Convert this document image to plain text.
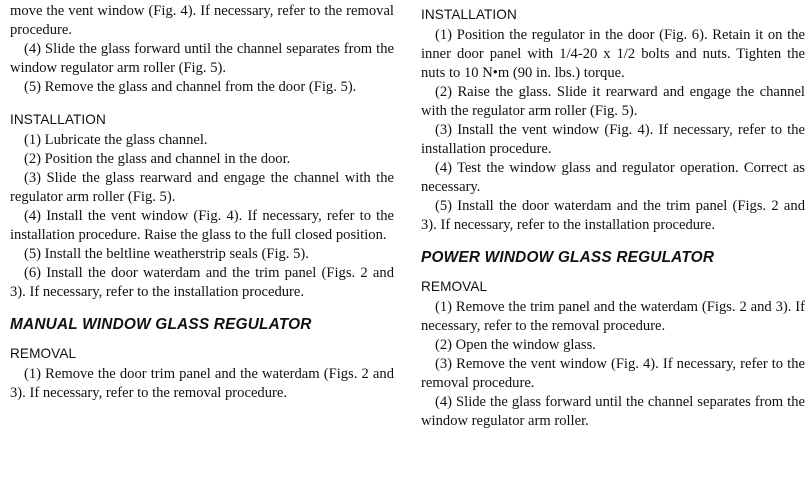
move the vent window (Fig. 4). If necessary, refer to the removal procedure.

(4) Slide the glass forward until the channel separates from the window regulator arm roller (Fig. 5).

(5) Remove the glass and channel from the door (Fig. 5).

INSTALLATION

(1) Lubricate the glass channel.

(2) Position the glass and channel in the door.

(3) Slide the glass rearward and engage the channel with the regulator arm roller (Fig. 5).

(4) Install the vent window (Fig. 4). If necessary, refer to the installation procedure. Raise the glass to the full closed position.

(5) Install the beltline weatherstrip seals (Fig. 5).

(6) Install the door waterdam and the trim panel (Figs. 2 and 3). If necessary, refer to the installation procedure.

MANUAL WINDOW GLASS REGULATOR
REMOVAL

(1) Remove the door trim panel and the waterdam (Figs. 2 and 3). If necessary, refer to the removal procedure.

INSTALLATION

(1) Position the regulator in the door (Fig. 6). Retain it on the inner door panel with 1/4-20 x 1/2 bolts and nuts. Tighten the nuts to 10 N•m (90 in. lbs.) torque.

(2) Raise the glass. Slide it rearward and engage the channel with the regulator arm roller (Fig. 5).

(3) Install the vent window (Fig. 4). If necessary, refer to the installation procedure.

(4) Test the window glass and regulator operation. Correct as necessary.

(5) Install the door waterdam and the trim panel (Figs. 2 and 3). If necessary, refer to the installation procedure.

POWER WINDOW GLASS REGULATOR
REMOVAL

(1) Remove the trim panel and the waterdam (Figs. 2 and 3). If necessary, refer to the removal procedure.

(2) Open the window glass.

(3) Remove the vent window (Fig. 4). If necessary, refer to the removal procedure.

(4) Slide the glass forward until the channel separates from the window regulator arm roller.
